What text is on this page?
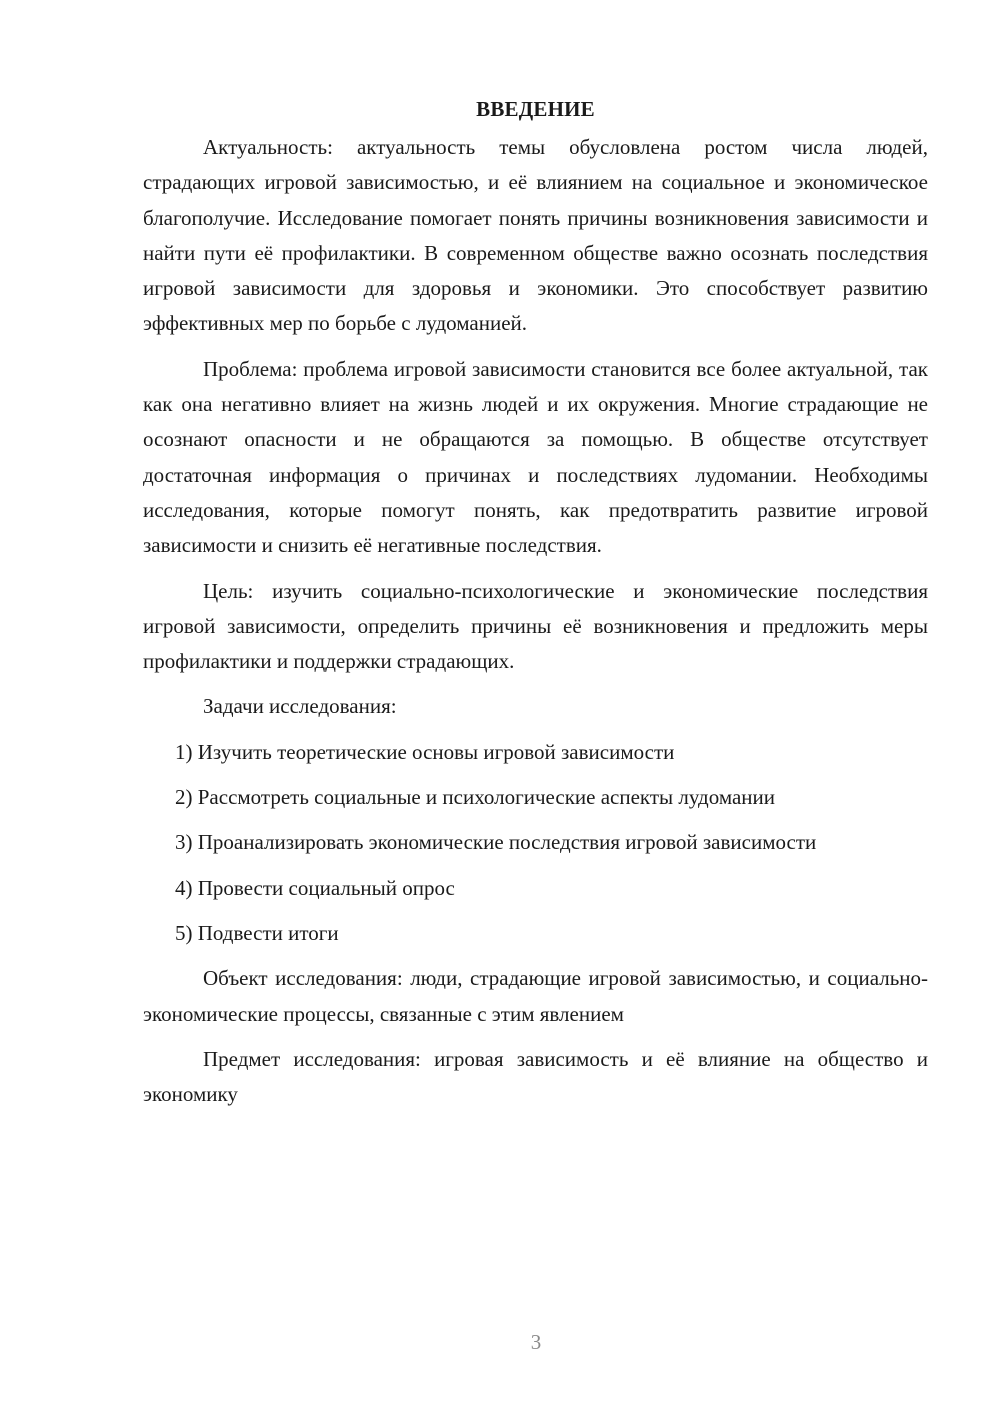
ВВЕДЕНИЕ

Актуальность: актуальность темы обусловлена ростом числа людей, страдающих игровой зависимостью, и её влиянием на социальное и экономическое благополучие. Исследование помогает понять причины возникновения зависимости и найти пути её профилактики. В современном обществе важно осознать последствия игровой зависимости для здоровья и экономики. Это способствует развитию эффективных мер по борьбе с лудоманией.

Проблема: проблема игровой зависимости становится все более актуальной, так как она негативно влияет на жизнь людей и их окружения. Многие страдающие не осознают опасности и не обращаются за помощью. В обществе отсутствует достаточная информация о причинах и последствиях лудомании. Необходимы исследования, которые помогут понять, как предотвратить развитие игровой зависимости и снизить её негативные последствия.

Цель: изучить социально-психологические и экономические последствия игровой зависимости, определить причины её возникновения и предложить меры профилактики и поддержки страдающих.

Задачи исследования:

1) Изучить теоретические основы игровой зависимости

2) Рассмотреть социальные и психологические аспекты лудомании

3) Проанализировать экономические последствия игровой зависимости

4) Провести социальный опрос

5) Подвести итоги

Объект исследования: люди, страдающие игровой зависимостью, и социально-экономические процессы, связанные с этим явлением

Предмет исследования: игровая зависимость и её влияние на общество и экономику

3
